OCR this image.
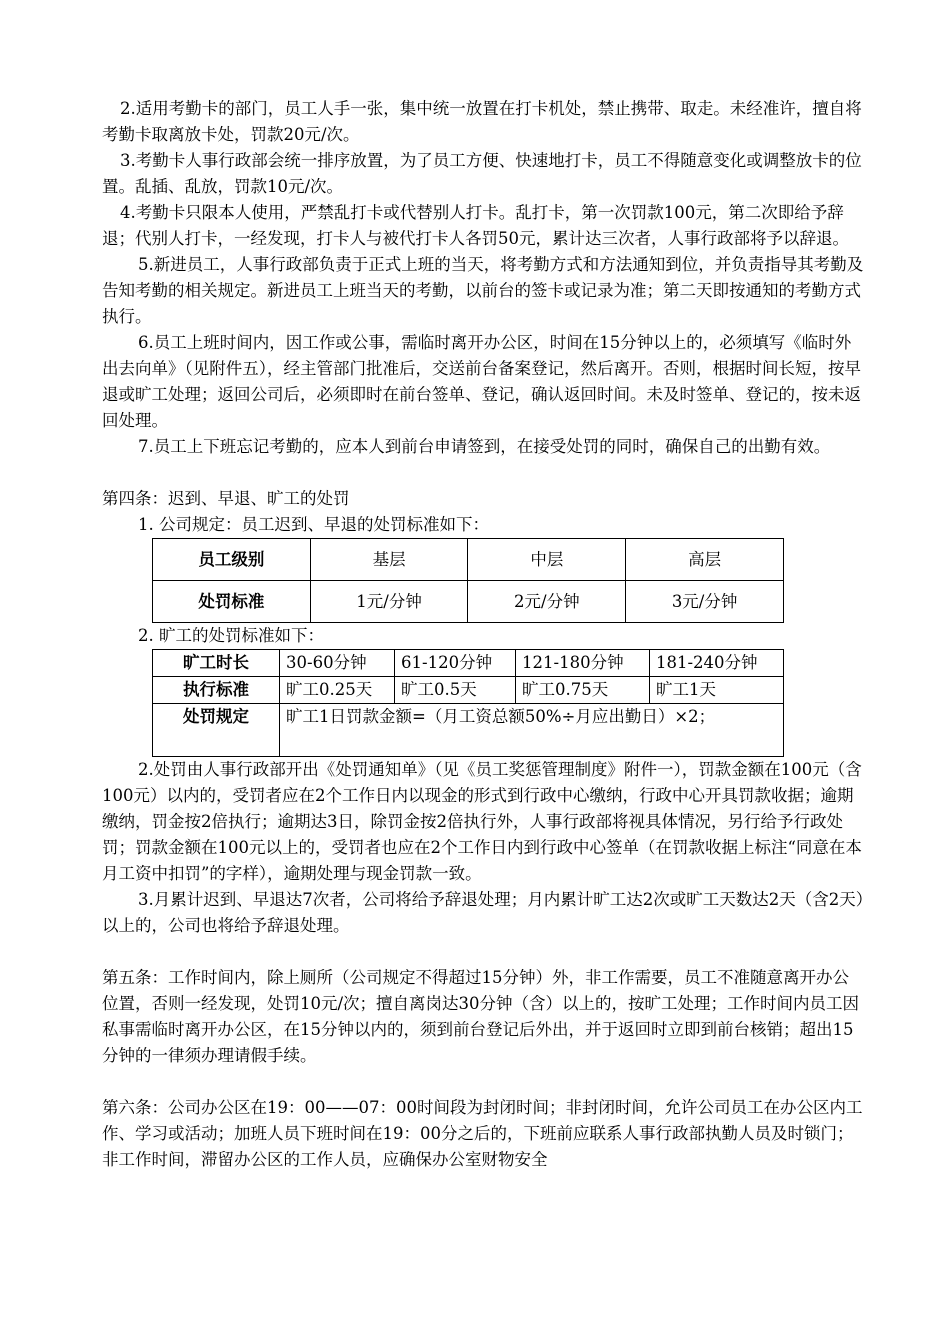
2.适用考勤卡的部门，员工人手一张，集中统一放置在打卡机处，禁止携带、取走。未经准许，擅自将考勤卡取离放卡处，罚款20元/次。

3.考勤卡人事行政部会统一排序放置，为了员工方便、快速地打卡，员工不得随意变化或调整放卡的位置。乱插、乱放，罚款10元/次。

4.考勤卡只限本人使用，严禁乱打卡或代替别人打卡。乱打卡，第一次罚款100元，第二次即给予辞退；代别人打卡，一经发现，打卡人与被代打卡人各罚50元，累计达三次者，人事行政部将予以辞退。

5.新进员工，人事行政部负责于正式上班的当天，将考勤方式和方法通知到位，并负责指导其考勤及告知考勤的相关规定。新进员工上班当天的考勤，以前台的签卡或记录为准；第二天即按通知的考勤方式执行。

6.员工上班时间内，因工作或公事，需临时离开办公区，时间在15分钟以上的，必须填写《临时外出去向单》（见附件五），经主管部门批准后，交送前台备案登记，然后离开。否则，根据时间长短，按早退或旷工处理；返回公司后，必须即时在前台签单、登记，确认返回时间。未及时签单、登记的，按未返回处理。

7.员工上下班忘记考勤的，应本人到前台申请签到，在接受处罚的同时，确保自己的出勤有效。

第四条：迟到、早退、旷工的处罚

1. 公司规定：员工迟到、早退的处罚标准如下：

员工级别	基层	中层	高层
处罚标准	1元/分钟	2元/分钟	3元/分钟

2. 旷工的处罚标准如下：

旷工时长	30-60分钟	61-120分钟	121-180分钟	181-240分钟
执行标准	旷工0.25天	旷工0.5天	旷工0.75天	旷工1天
处罚规定	旷工1日罚款金额=（月工资总额50%÷月应出勤日）×2；			

2.处罚由人事行政部开出《处罚通知单》（见《员工奖惩管理制度》附件一），罚款金额在100元（含100元）以内的，受罚者应在2个工作日内以现金的形式到行政中心缴纳，行政中心开具罚款收据；逾期缴纳，罚金按2倍执行；逾期达3日，除罚金按2倍执行外，人事行政部将视具体情况，另行给予行政处罚；罚款金额在100元以上的，受罚者也应在2个工作日内到行政中心签单（在罚款收据上标注“同意在本月工资中扣罚”的字样），逾期处理与现金罚款一致。

3.月累计迟到、早退达7次者，公司将给予辞退处理；月内累计旷工达2次或旷工天数达2天（含2天）以上的，公司也将给予辞退处理。

第五条：工作时间内，除上厕所（公司规定不得超过15分钟）外，非工作需要，员工不准随意离开办公位置，否则一经发现，处罚10元/次；擅自离岗达30分钟（含）以上的，按旷工处理；工作时间内员工因私事需临时离开办公区，在15分钟以内的，须到前台登记后外出，并于返回时立即到前台核销；超出15分钟的一律须办理请假手续。

第六条：公司办公区在19：00——07：00时间段为封闭时间；非封闭时间，允许公司员工在办公区内工作、学习或活动；加班人员下班时间在19：00分之后的，下班前应联系人事行政部执勤人员及时锁门；非工作时间，滞留办公区的工作人员，应确保办公室财物安全
